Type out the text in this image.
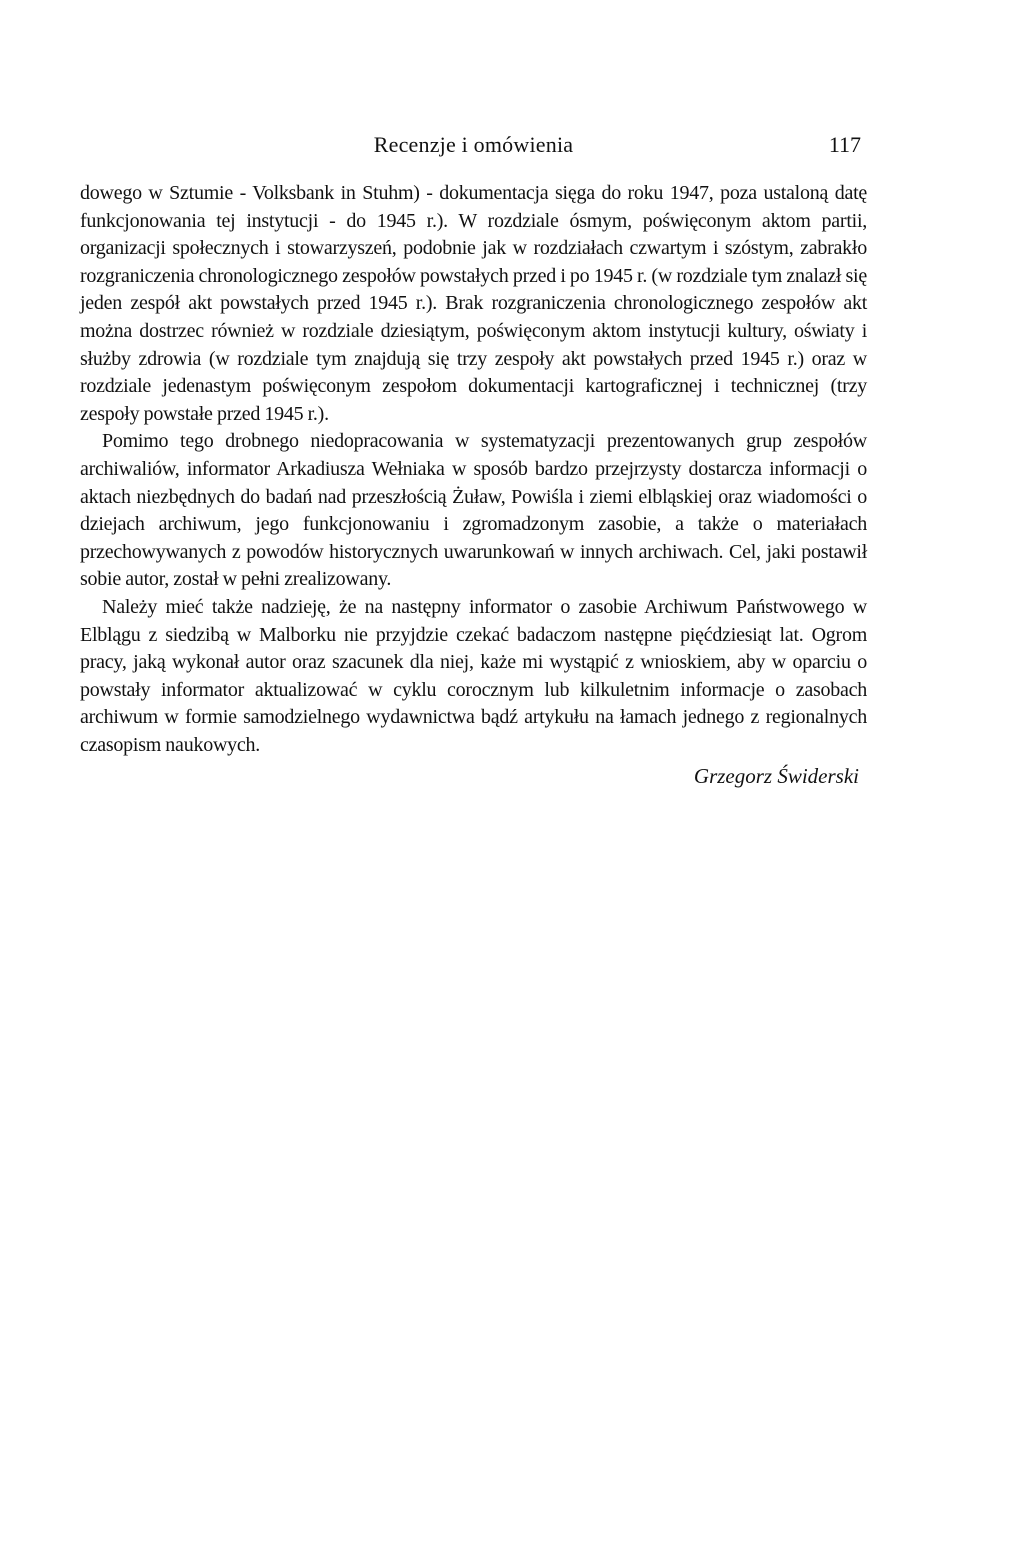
Recenzje i omówienia	117

dowego w Sztumie - Volksbank in Stuhm) - dokumentacja sięga do roku 1947, poza ustaloną datę funkcjonowania tej instytucji - do 1945 r.). W rozdziale ósmym, poświęconym aktom partii, organizacji społecznych i stowarzyszeń, podobnie jak w rozdziałach czwartym i szóstym, zabrakło rozgraniczenia chronologicznego zespołów powstałych przed i po 1945 r. (w rozdziale tym znalazł się jeden zespół akt powstałych przed 1945 r.). Brak rozgraniczenia chronologicznego zespołów akt można dostrzec również w rozdziale dziesiątym, poświęconym aktom instytucji kultury, oświaty i służby zdrowia (w rozdziale tym znajdują się trzy zespoły akt powstałych przed 1945 r.) oraz w rozdziale jedenastym poświęconym zespołom dokumentacji kartograficznej i technicznej (trzy zespoły powstałe przed 1945 r.).

Pomimo tego drobnego niedopracowania w systematyzacji prezentowanych grup zespołów archiwaliów, informator Arkadiusza Wełniaka w sposób bardzo przejrzysty dostarcza informacji o aktach niezbędnych do badań nad przeszłością Żuław, Powiśla i ziemi elbląskiej oraz wiadomości o dziejach archiwum, jego funkcjonowaniu i zgromadzonym zasobie, a także o materiałach przechowywanych z powodów historycznych uwarunkowań w innych archiwach. Cel, jaki postawił sobie autor, został w pełni zrealizowany.

Należy mieć także nadzieję, że na następny informator o zasobie Archiwum Państwowego w Elblągu z siedzibą w Malborku nie przyjdzie czekać badaczom następne pięćdziesiąt lat. Ogrom pracy, jaką wykonał autor oraz szacunek dla niej, każe mi wystąpić z wnioskiem, aby w oparciu o powstały informator aktualizować w cyklu corocznym lub kilkuletnim informacje o zasobach archiwum w formie samodzielnego wydawnictwa bądź artykułu na łamach jednego z regionalnych czasopism naukowych.

Grzegorz Świderski
